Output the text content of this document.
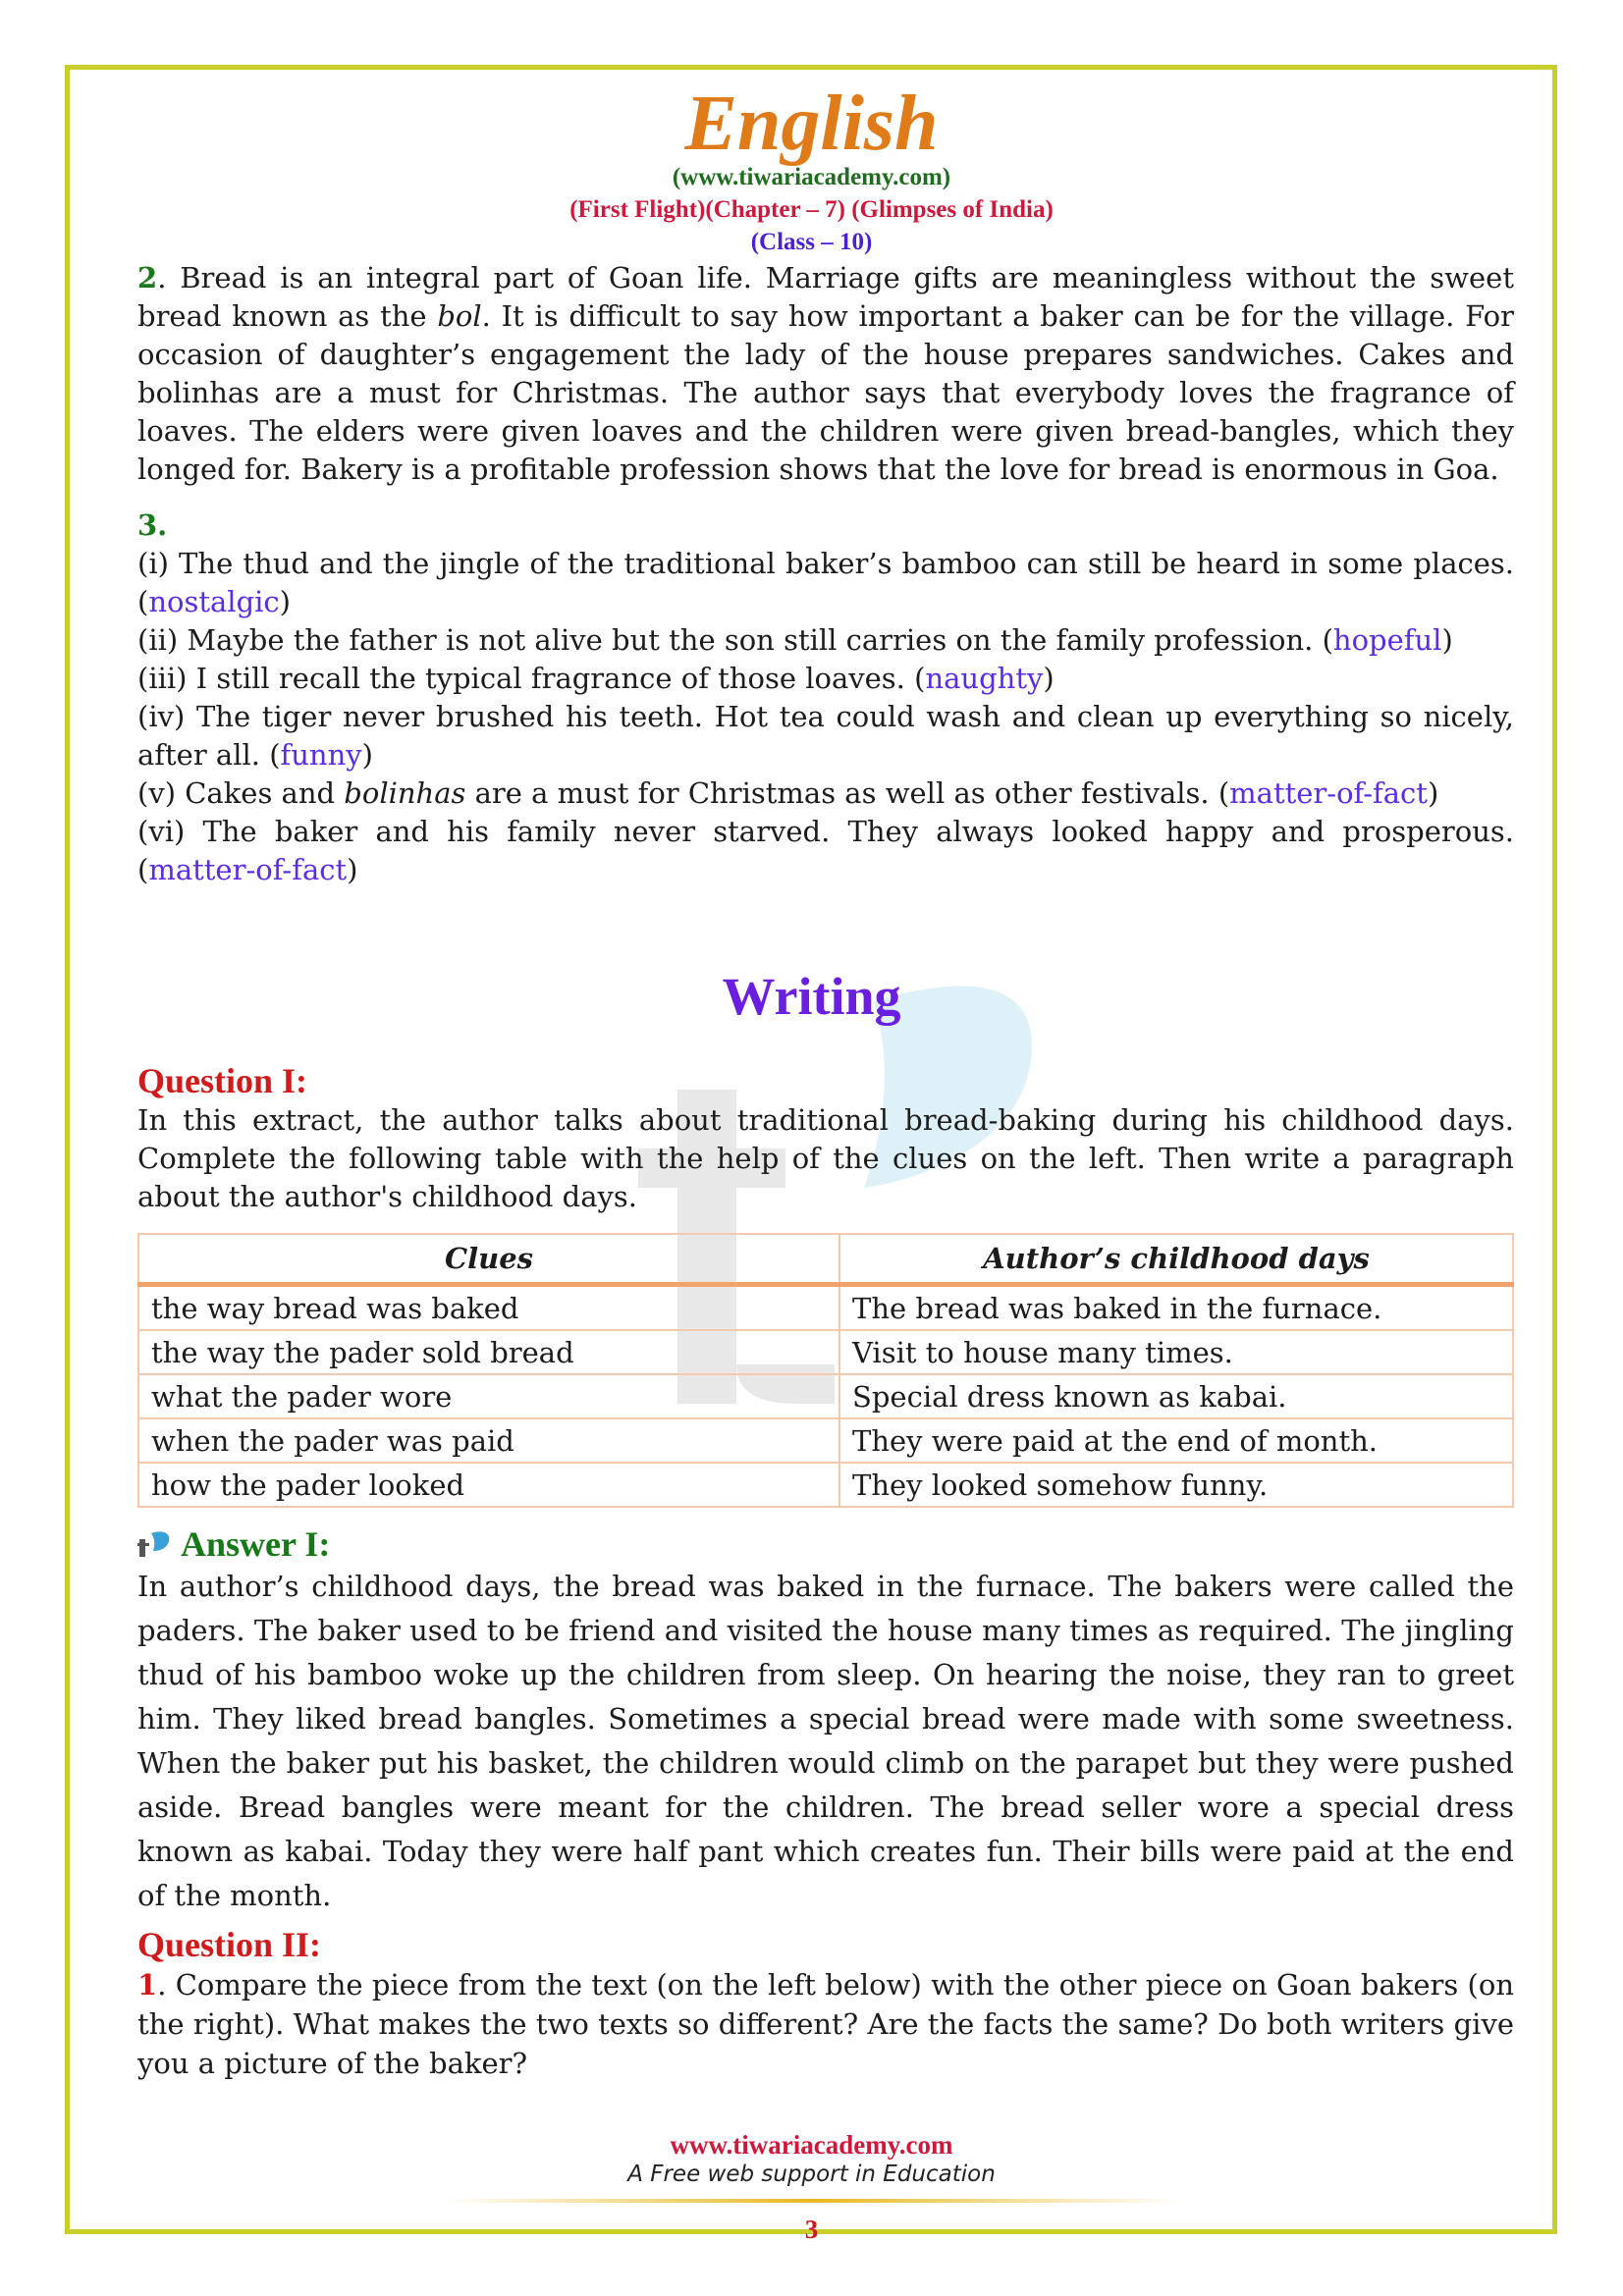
English
(www.tiwariacademy.com)
(First Flight)(Chapter – 7) (Glimpses of India)
(Class – 10)

2. Bread is an integral part of Goan life. Marriage gifts are meaningless without the sweet bread known as the bol. It is difficult to say how important a baker can be for the village. For occasion of daughter’s engagement the lady of the house prepares sandwiches. Cakes and bolinhas are a must for Christmas. The author says that everybody loves the fragrance of loaves. The elders were given loaves and the children were given bread-bangles, which they longed for. Bakery is a profitable profession shows that the love for bread is enormous in Goa.

3.

(i) The thud and the jingle of the traditional baker’s bamboo can still be heard in some places. (nostalgic)

(ii) Maybe the father is not alive but the son still carries on the family profession. (hopeful)

(iii) I still recall the typical fragrance of those loaves. (naughty)

(iv) The tiger never brushed his teeth. Hot tea could wash and clean up everything so nicely, after all. (funny)

(v) Cakes and bolinhas are a must for Christmas as well as other festivals. (matter-of-fact)

(vi) The baker and his family never starved. They always looked happy and prosperous. (matter-of-fact)

Writing
Question I:

In this extract, the author talks about traditional bread-baking during his childhood days. Complete the following table with the help of the clues on the left. Then write a paragraph about the author's childhood days.

Clues	Author’s childhood days
the way bread was baked	The bread was baked in the furnace.
the way the pader sold bread	Visit to house many times.
what the pader wore	Special dress known as kabai.
when the pader was paid	They were paid at the end of month.
how the pader looked	They looked somehow funny.
Answer I:

In author’s childhood days, the bread was baked in the furnace. The bakers were called the paders. The baker used to be friend and visited the house many times as required. The jingling thud of his bamboo woke up the children from sleep. On hearing the noise, they ran to greet him. They liked bread bangles. Sometimes a special bread were made with some sweetness. When the baker put his basket, the children would climb on the parapet but they were pushed aside. Bread bangles were meant for the children. The bread seller wore a special dress known as kabai. Today they were half pant which creates fun. Their bills were paid at the end of the month.

Question II:

1. Compare the piece from the text (on the left below) with the other piece on Goan bakers (on the right). What makes the two texts so different? Are the facts the same? Do both writers give you a picture of the baker?

www.tiwariacademy.com
A Free web support in Education
3
